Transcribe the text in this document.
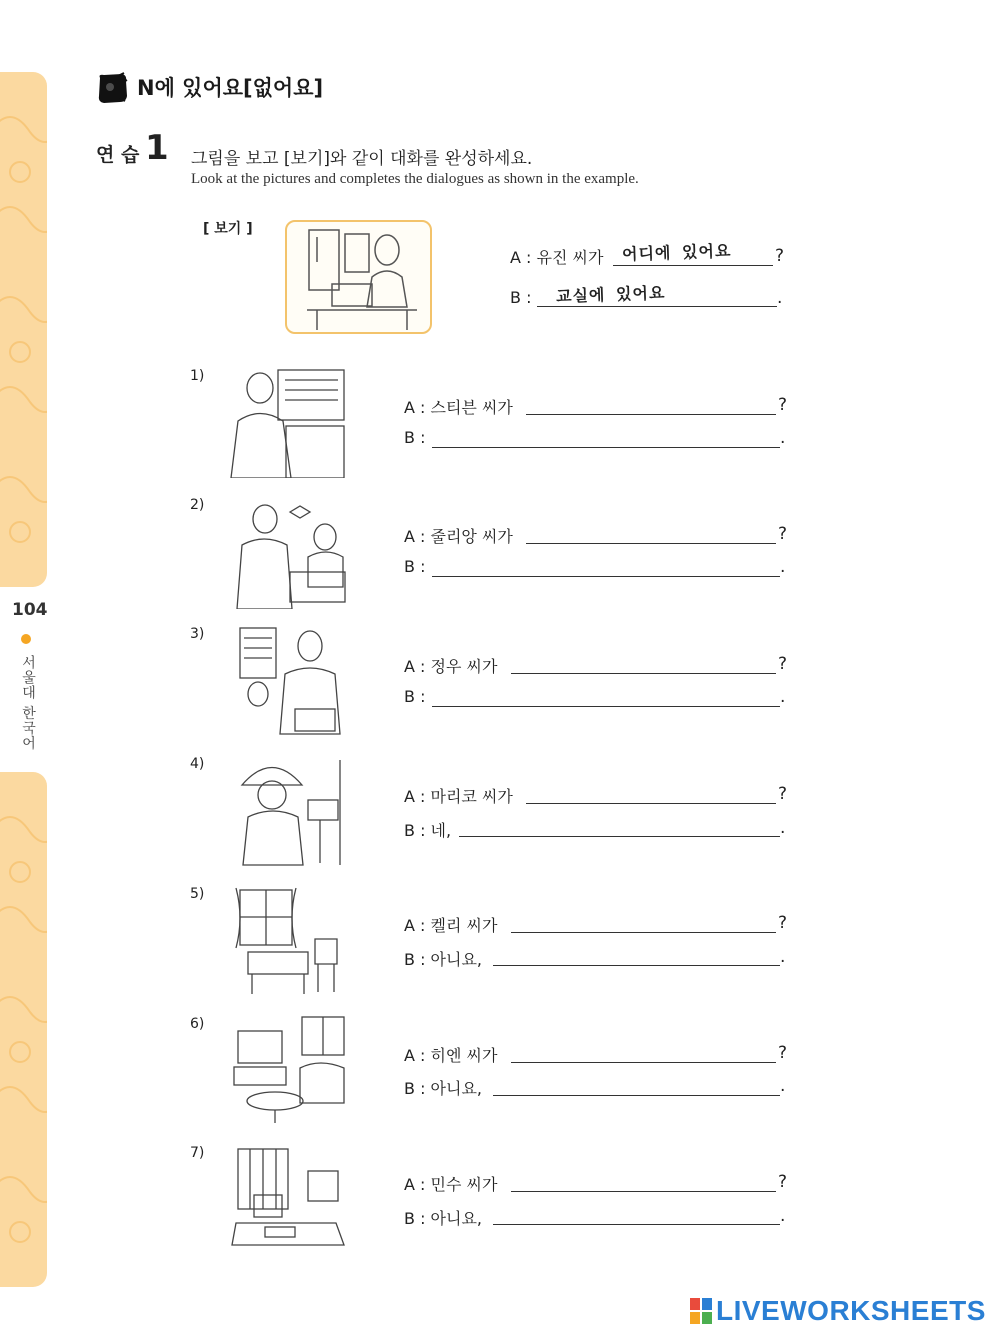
104
서울대 한국어
N에 있어요[없어요]
연 습 1 그림을 보고 [보기]와 같이 대화를 완성하세요.
Look at the pictures and completes the dialogues as shown in the example.
[ 보기 ]
A : 유진 씨가 어디에 있어요	?
B : 교실에 있어요	.
1)
A : 스티븐 씨가	?
B :	.
2)
A : 줄리앙 씨가	?
B :	.
3)
A : 정우 씨가	?
B :	.
4)
A : 마리코 씨가	?
B : 네,	.
5)
A : 켈리 씨가	?
B : 아니요,	.
6)
A : 히엔 씨가	?
B : 아니요,	.
7)
A : 민수 씨가	?
B : 아니요,	.
LIVEWORKSHEETS
